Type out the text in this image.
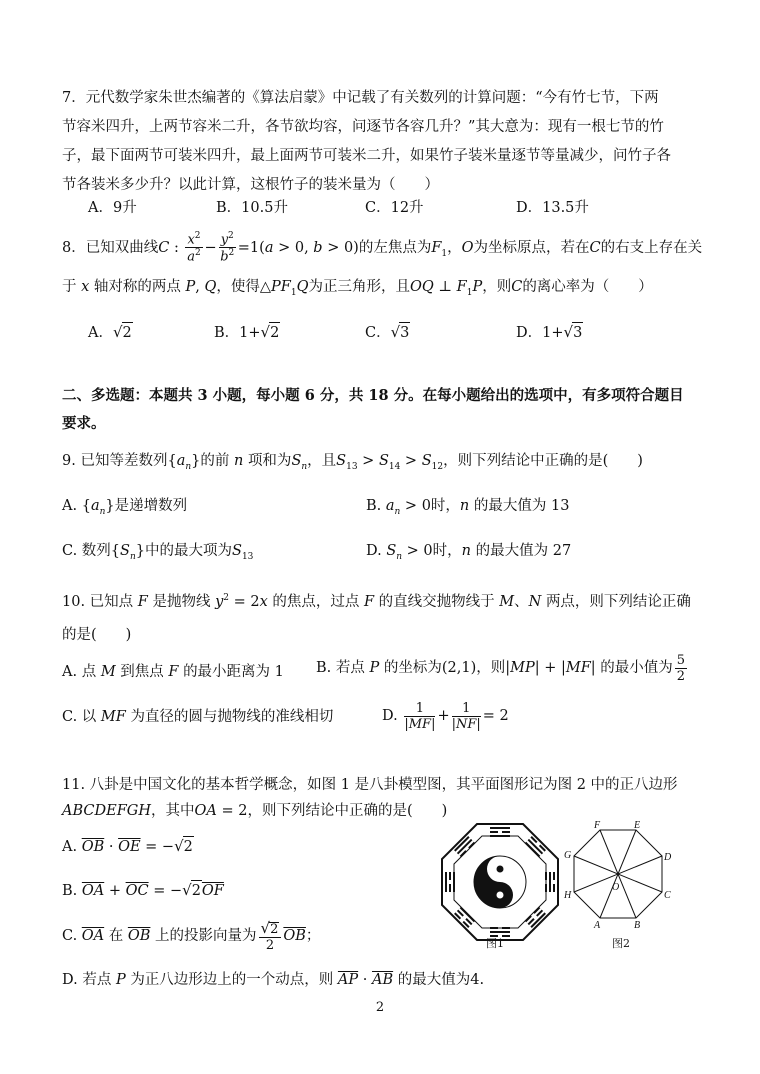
7．元代数学家朱世杰编著的《算法启蒙》中记载了有关数列的计算问题：“今有竹七节，下两
节容米四升，上两节容米二升，各节欲均容，问逐节各容几升？”其大意为：现有一根七节的竹
子，最下面两节可装米四升，最上面两节可装米二升，如果竹子装米量逐节等量减少，问竹子各
节各装米多少升？以此计算，这根竹子的装米量为（　　）
A．9升	B．10.5升	C．12升	D．13.5升
8．已知双曲线C : $\frac{x^2}{a^2} - \frac{y^2}{b^2} =1(a > 0$, b > 0)的左焦点为$F_1$，O为坐标原点，若在C的右支上存在关
于 x 轴对称的两点 P, Q，使得$\triangle PF_1Q$为正三角形，且OQ ⊥ $F_1P$，则C的离心率为（　　）
A．√2	B．1+√2	C．√3	D．1+√3
二、多选题：本题共 3 小题，每小题 6 分，共 18 分。在每小题给出的选项中，有多项符合题目
要求。
9. 已知等差数列$\{a_n\}$的前 n 项和为$S_n$，且$S_{13} > S_{14} > S_{12}$，则下列结论中正确的是(　　)
A. $\{a_n\}$是递增数列	B. $a_n > 0$时，n 的最大值为 13
C. 数列$\{S_n\}$中的最大项为$S_{13}$	D. $S_n > 0$时，n 的最大值为 27
10. 已知点 F 是抛物线 $y^2 = 2x$ 的焦点，过点 F 的直线交抛物线于 M、N 两点，则下列结论正确
的是(　　)
A. 点 M 到焦点 F 的最小距离为 1 B. 若点 P 的坐标为(2,1)，则|MP| + |MF| 的最小值为 $\frac{5}{2}$
C. 以 MF 为直径的圆与抛物线的准线相切	D. $\frac{1}{|MF|} + \frac{1}{|NF|} = 2$
11. 八卦是中国文化的基本哲学概念，如图 1 是八卦模型图，其平面图形记为图 2 中的正八边形
ABCDEFGH，其中OA = 2，则下列结论中正确的是(　　)
A. $\overline{OB} \cdot \overline{OE} = -√2$
B. $\overline{OA} + \overline{OC} = -√2\overline{OF}$
C. $\overline{OA}$ 在 $\overline{OB}$ 上的投影向量为 $\frac{√2}{2} \overline{OB}$；
D. 若点 P 为正八边形边上的一个动点，则 $\overline{AP} \cdot \overline{AB}$ 的最大值为4.
图1
F	E
G	D
H	C
A	B
O
图2
2
